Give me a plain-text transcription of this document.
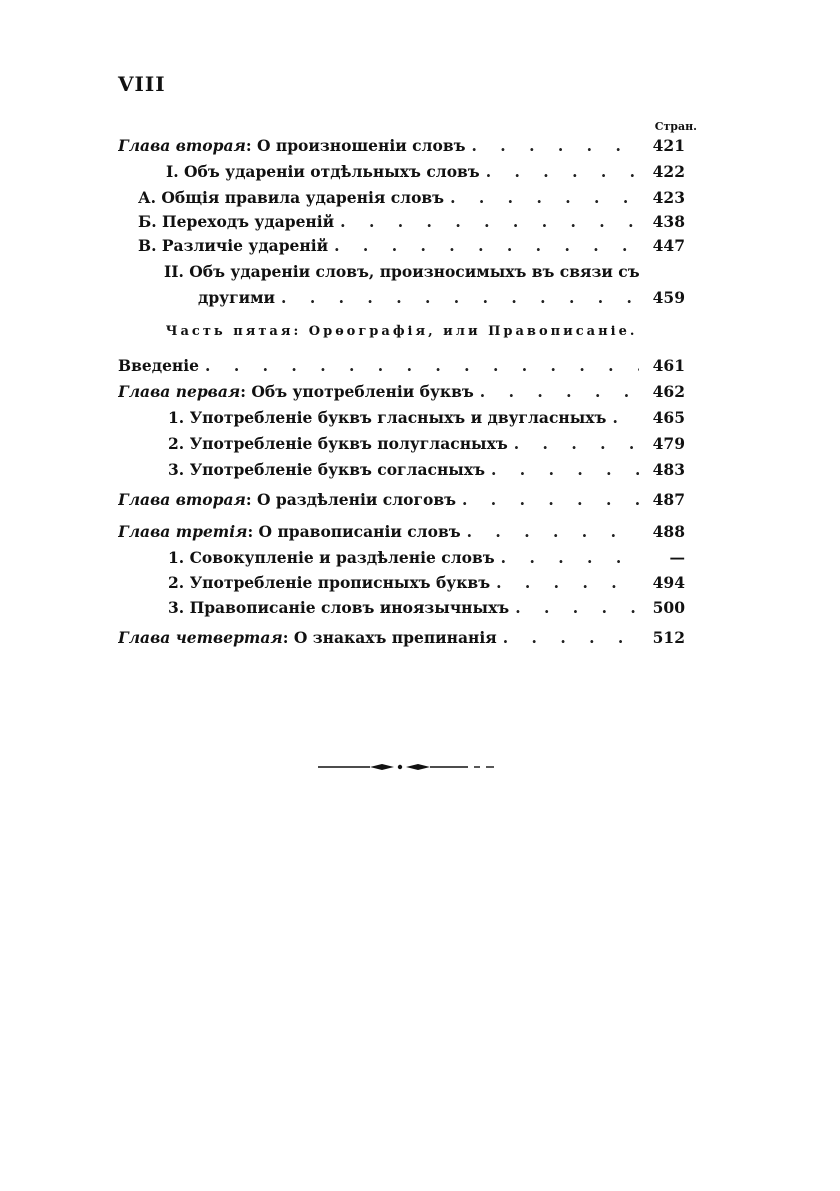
VIII
Стран.
Глава вторая: О произношеніи словъ . . .	421
I. Объ удареніи отдѣльныхъ словъ . . .	422
А. Общія правила ударенія словъ . . .	423
Б. Переходъ удареній . . .	438
В. Различіе удареній . . .	447
II. Объ удареніи словъ, произносимыхъ въ связи съ
другими . . .	459
Часть пятая: Орѳографія, или Правописаніе.
Введеніе . . .	461
Глава первая: Объ употребленіи буквъ . . .	462
1. Употребленіе буквъ гласныхъ и двугласныхъ . . .	465
2. Употребленіе буквъ полугласныхъ . . .	479
3. Употребленіе буквъ согласныхъ . . .	483
Глава вторая: О раздѣленіи слоговъ . . .	487
Глава третія: О правописаніи словъ . . .	488
1. Совокупленіе и раздѣленіе словъ . . .	—
2. Употребленіе прописныхъ буквъ . . .	494
3. Правописаніе словъ иноязычныхъ . . .	500
Глава четвертая: О знакахъ препинанія . . .	512
